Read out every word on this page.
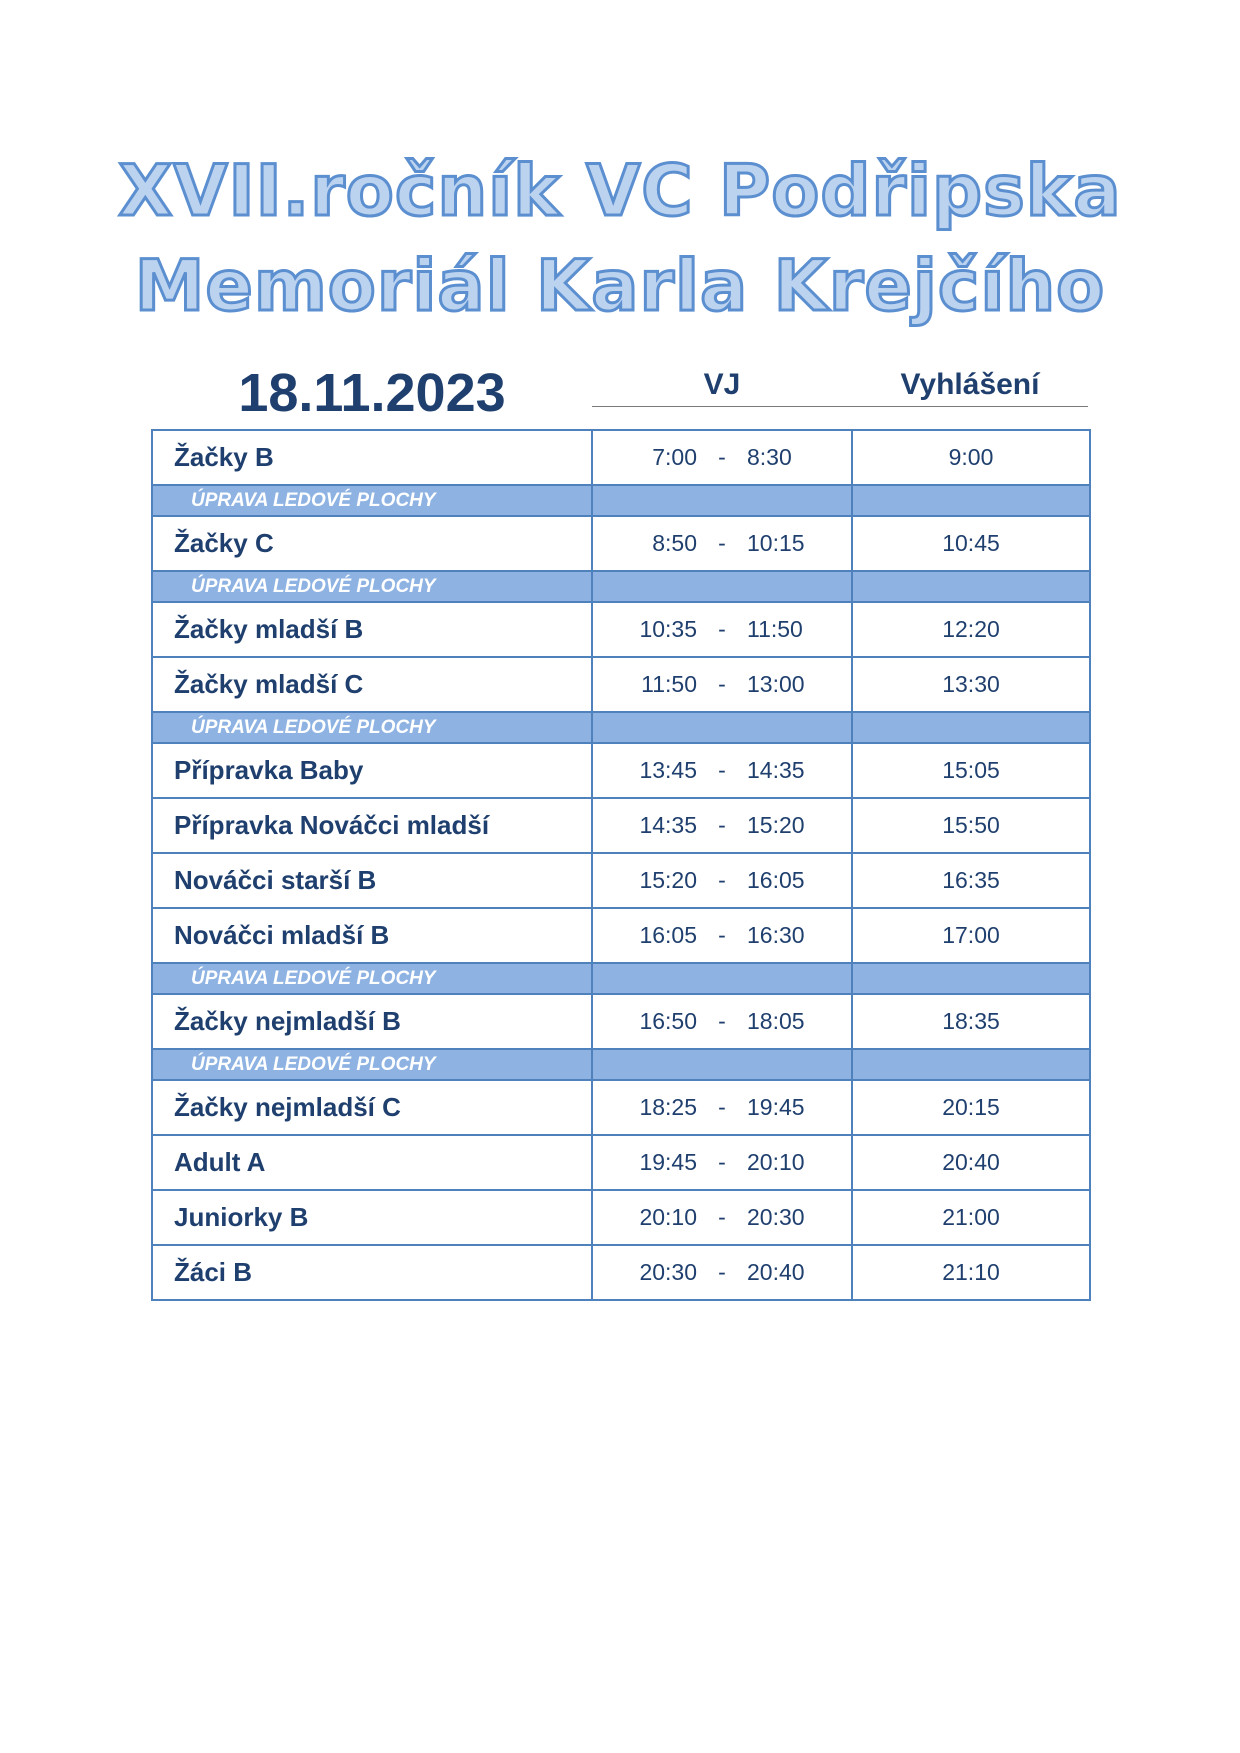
XVII.ročník VC Podřipska
Memoriál Karla Krejčího
18.11.2023	VJ	Vyhlášení
Žačky B	7:00 - 8:30	9:00
ÚPRAVA LEDOVÉ PLOCHY		
Žačky C	8:50 - 10:15	10:45
ÚPRAVA LEDOVÉ PLOCHY		
Žačky mladší B	10:35 - 11:50	12:20
Žačky mladší C	11:50 - 13:00	13:30
ÚPRAVA LEDOVÉ PLOCHY		
Přípravka Baby	13:45 - 14:35	15:05
Přípravka Nováčci mladší	14:35 - 15:20	15:50
Nováčci starší B	15:20 - 16:05	16:35
Nováčci mladší B	16:05 - 16:30	17:00
ÚPRAVA LEDOVÉ PLOCHY		
Žačky nejmladší B	16:50 - 18:05	18:35
ÚPRAVA LEDOVÉ PLOCHY		
Žačky nejmladší C	18:25 - 19:45	20:15
Adult A	19:45 - 20:10	20:40
Juniorky B	20:10 - 20:30	21:00
Žáci B	20:30 - 20:40	21:10
